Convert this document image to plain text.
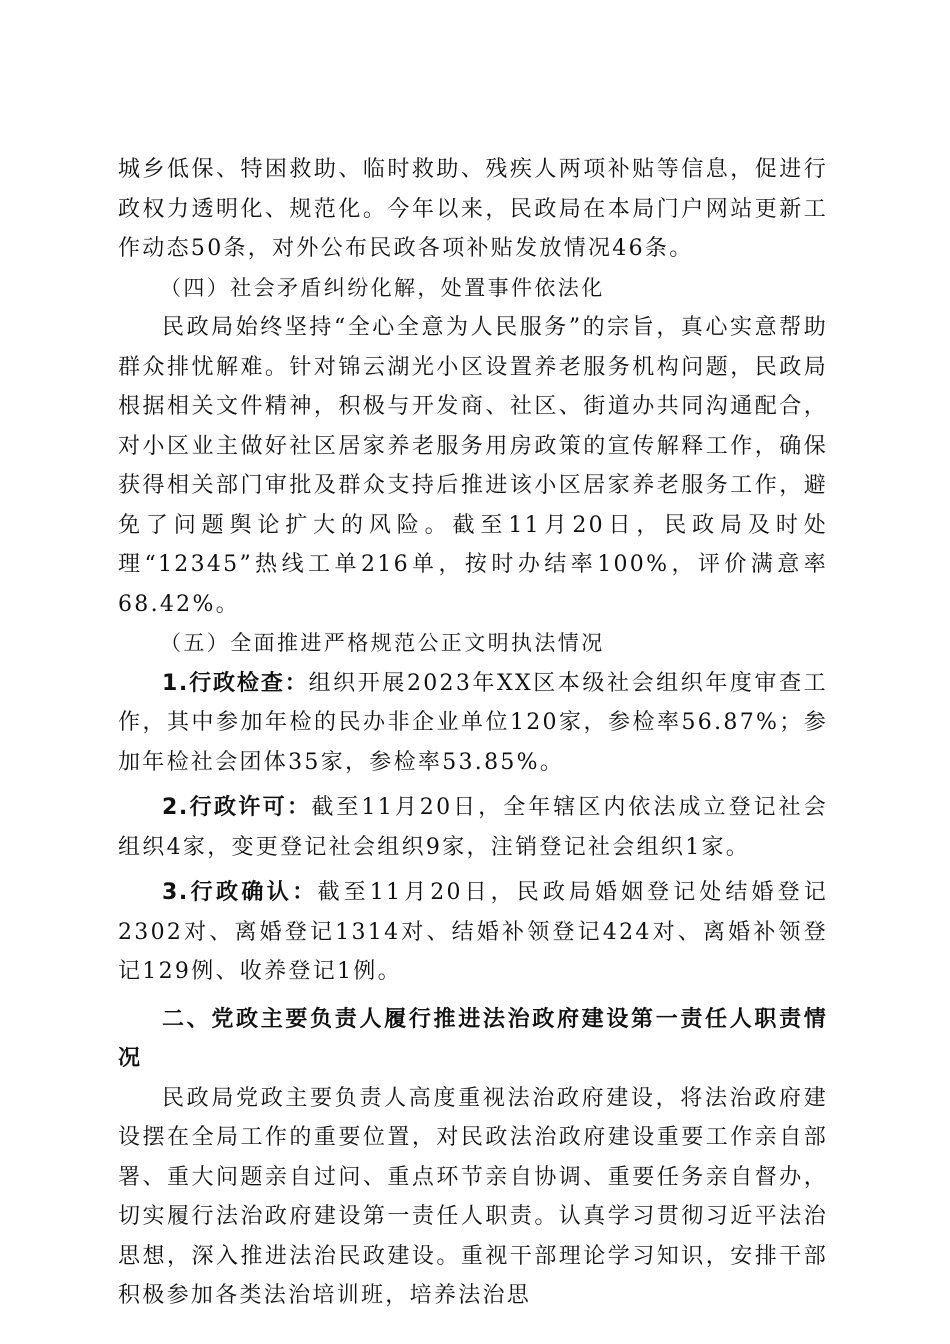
城乡低保、特困救助、临时救助、残疾人两项补贴等信息，促进行政权力透明化、规范化。今年以来，民政局在本局门户网站更新工作动态50条，对外公布民政各项补贴发放情况46条。

（四）社会矛盾纠纷化解，处置事件依法化

民政局始终坚持“全心全意为人民服务”的宗旨，真心实意帮助群众排忧解难。针对锦云湖光小区设置养老服务机构问题，民政局根据相关文件精神，积极与开发商、社区、街道办共同沟通配合，对小区业主做好社区居家养老服务用房政策的宣传解释工作，确保获得相关部门审批及群众支持后推进该小区居家养老服务工作，避免了问题舆论扩大的风险。截至11月20日，民政局及时处理“12345”热线工单216单，按时办结率100%，评价满意率68.42%。

（五）全面推进严格规范公正文明执法情况

1.行政检查：组织开展2023年XX区本级社会组织年度审查工作，其中参加年检的民办非企业单位120家，参检率56.87%；参加年检社会团体35家，参检率53.85%。

2.行政许可：截至11月20日，全年辖区内依法成立登记社会组织4家，变更登记社会组织9家，注销登记社会组织1家。

3.行政确认：截至11月20日，民政局婚姻登记处结婚登记2302对、离婚登记1314对、结婚补领登记424对、离婚补领登记129例、收养登记1例。

二、党政主要负责人履行推进法治政府建设第一责任人职责情况

民政局党政主要负责人高度重视法治政府建设，将法治政府建设摆在全局工作的重要位置，对民政法治政府建设重要工作亲自部署、重大问题亲自过问、重点环节亲自协调、重要任务亲自督办，切实履行法治政府建设第一责任人职责。认真学习贯彻习近平法治思想，深入推进法治民政建设。重视干部理论学习知识，安排干部积极参加各类法治培训班，培养法治思
